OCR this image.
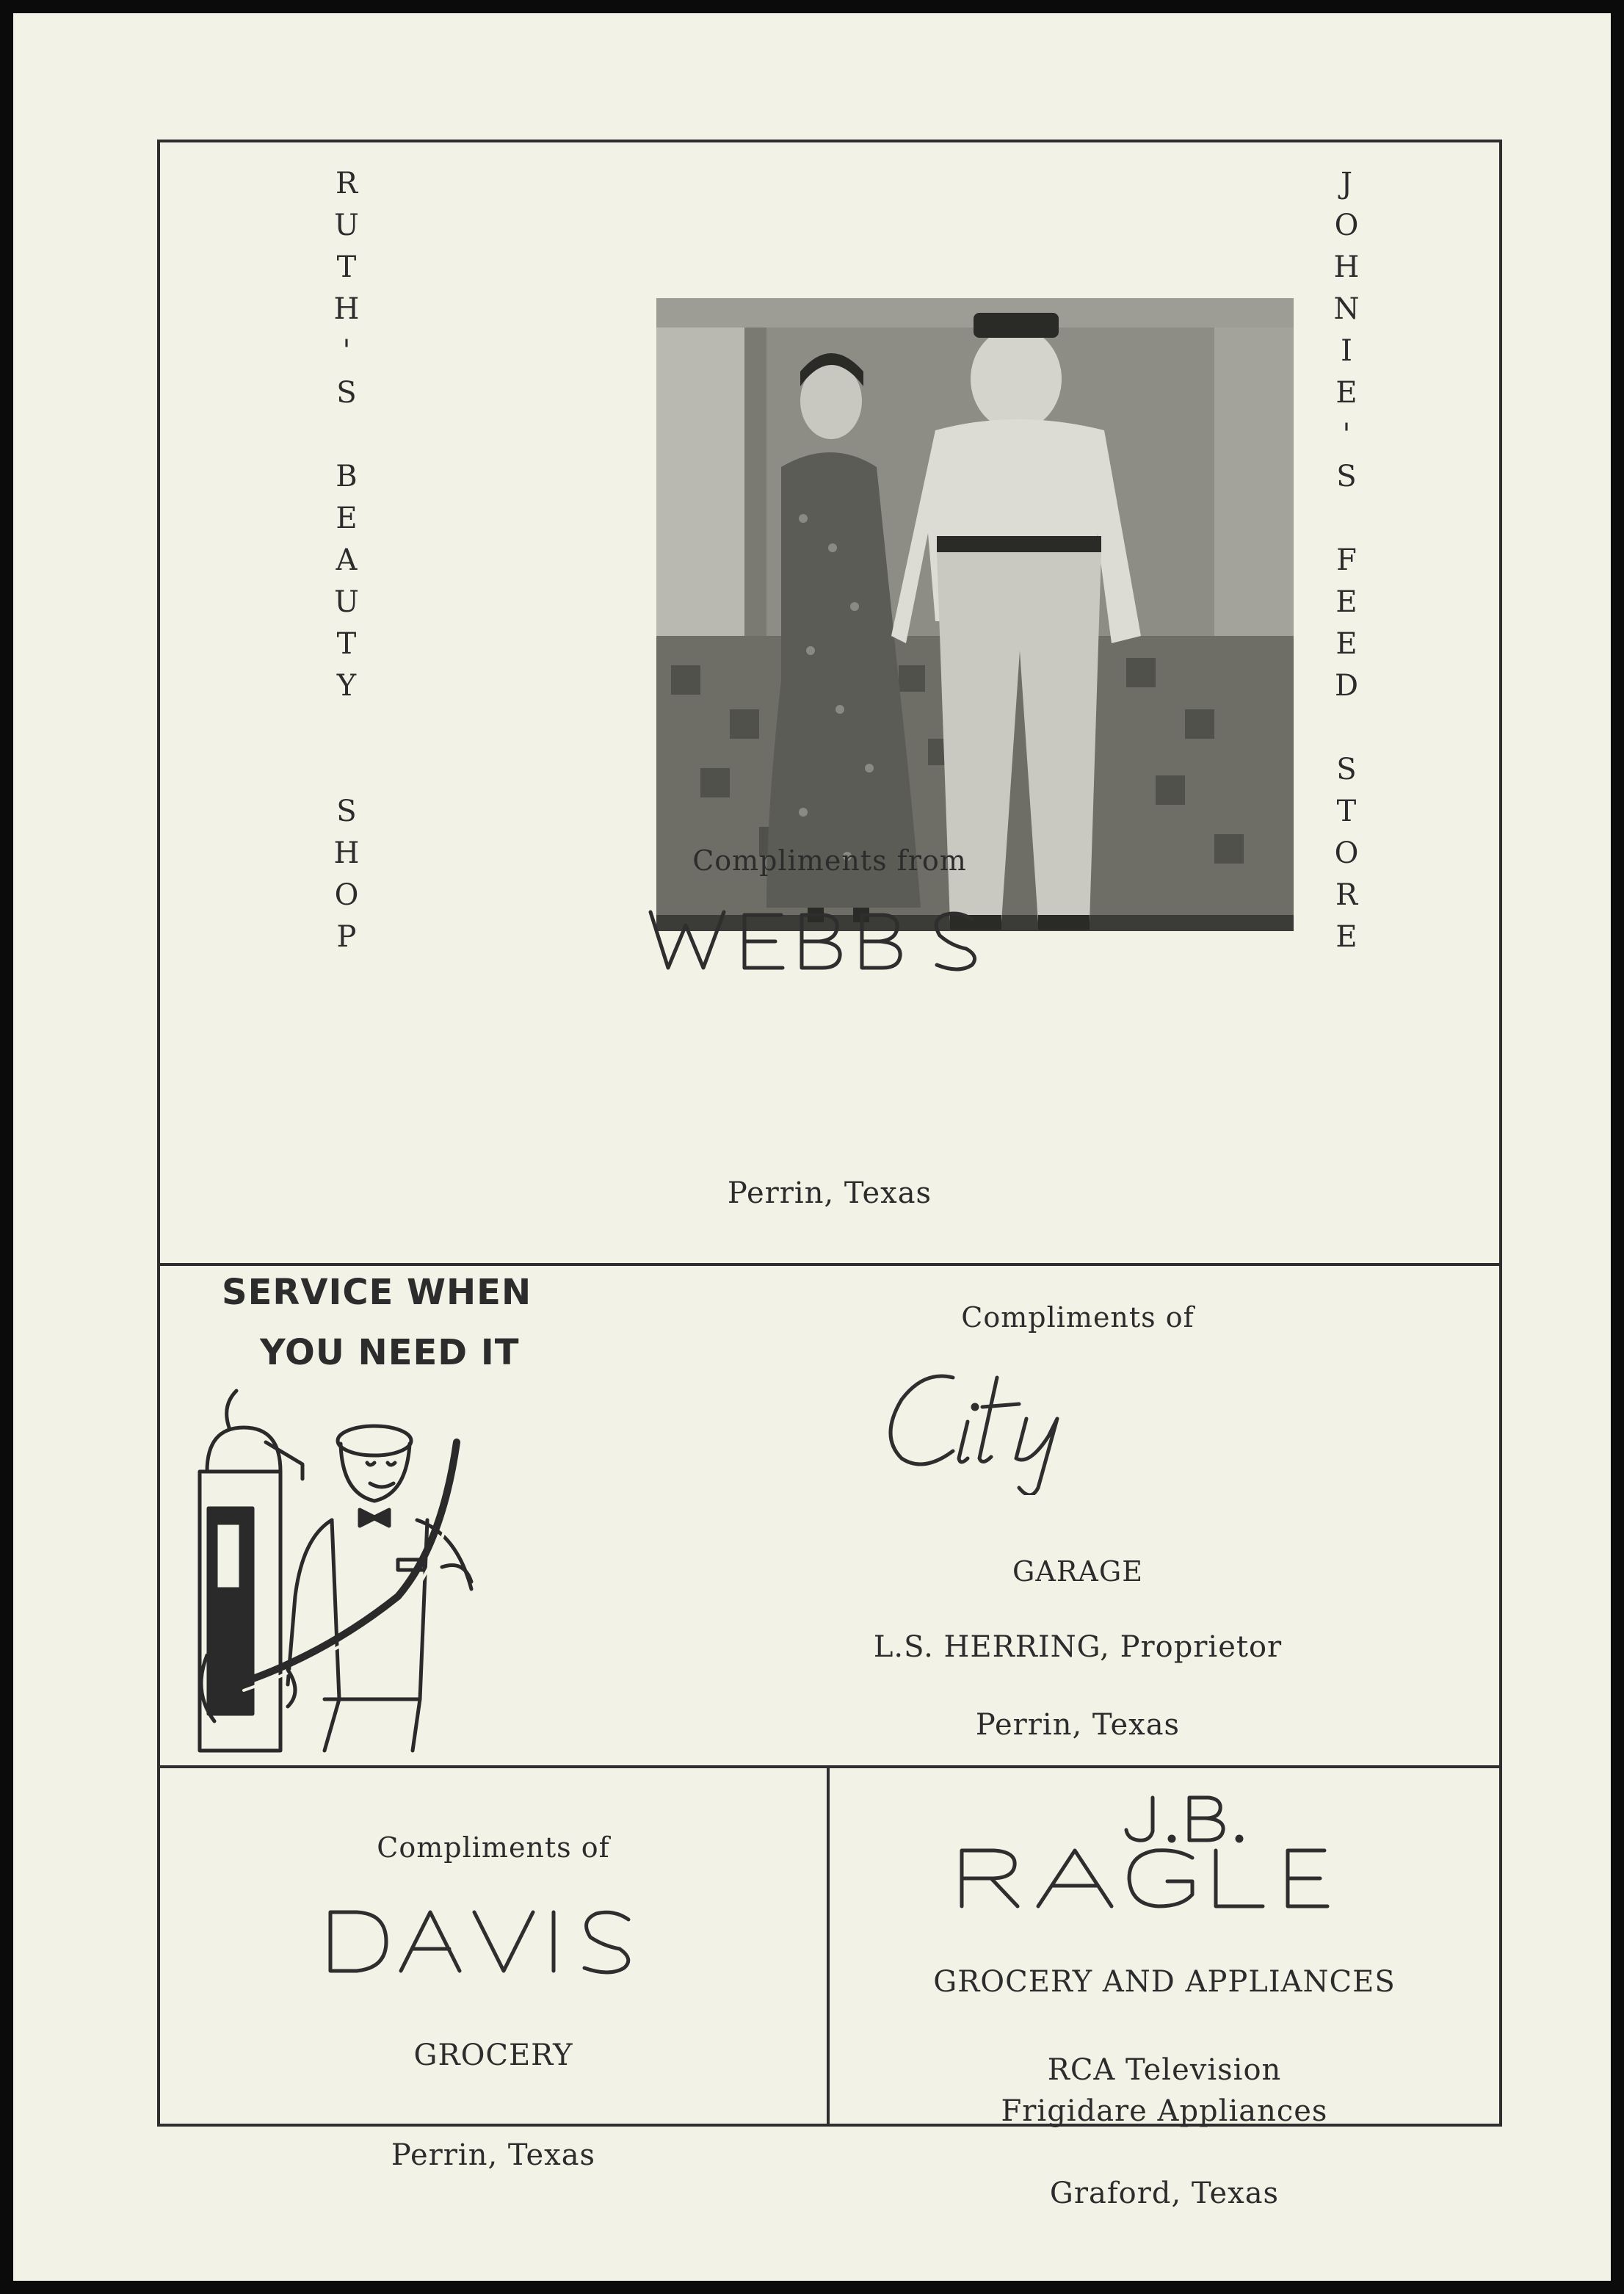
R
U
T
H
'
S
B
E
A
U
T
Y
S
H
O
P
J
O
H
N
I
E
'
S
F
E
E
D
S
T
O
R
E
Compliments from
Perrin, Texas
SERVICE WHEN
YOU NEED IT
Compliments of
GARAGE
L.S. HERRING, Proprietor
Perrin, Texas
Compliments of
GROCERY
Perrin, Texas
GROCERY AND APPLIANCES
RCA Television
Frigidare Appliances
Graford, Texas
